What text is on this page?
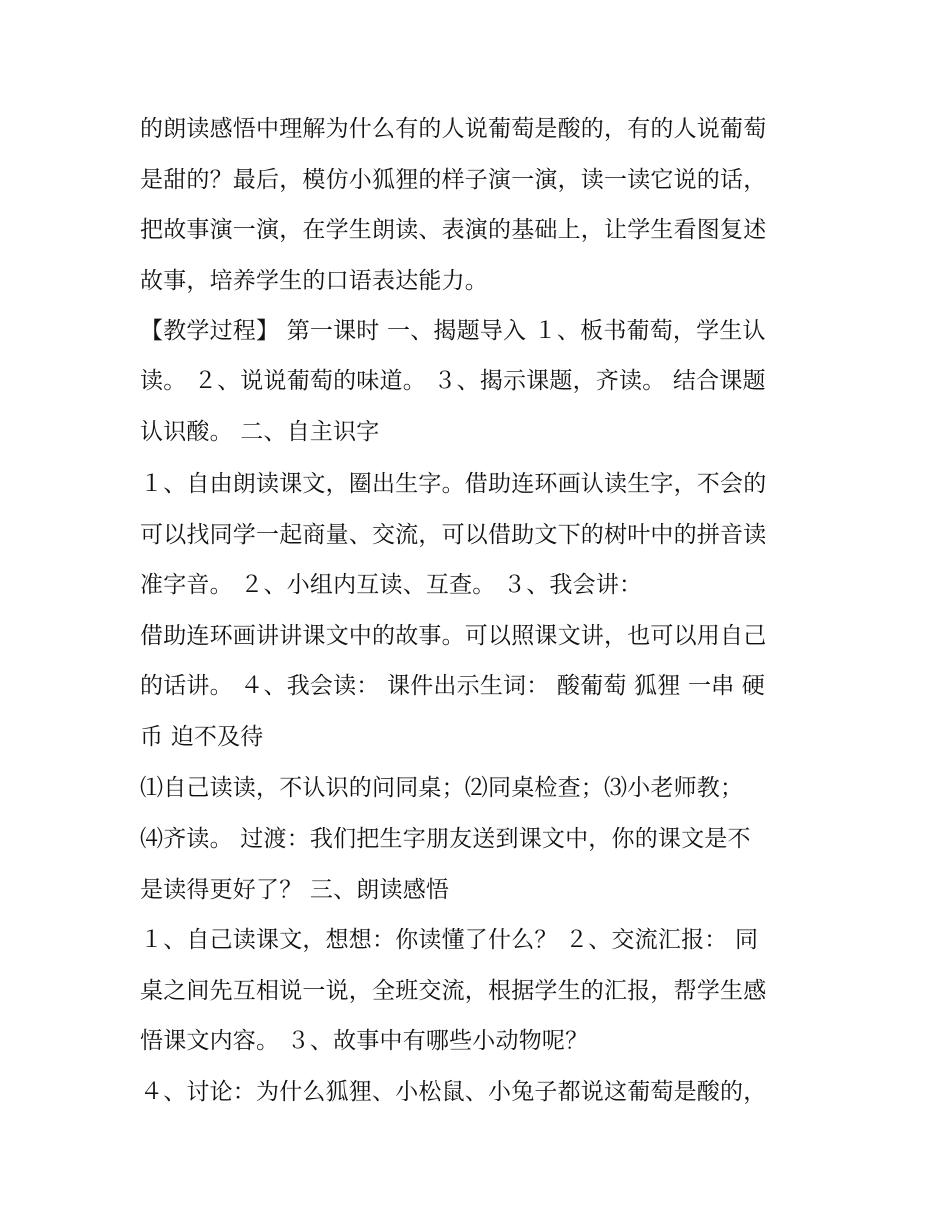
的朗读感悟中理解为什么有的人说葡萄是酸的，有的人说葡萄
是甜的？最后，模仿小狐狸的样子演一演，读一读它说的话，
把故事演一演，在学生朗读、表演的基础上，让学生看图复述
故事，培养学生的口语表达能力。
【教学过程】 第一课时 一、揭题导入 １、板书葡萄，学生认
读。 ２、说说葡萄的味道。 ３、揭示课题，齐读。 结合课题
认识酸。 二、自主识字
１、自由朗读课文，圈出生字。借助连环画认读生字，不会的
可以找同学一起商量、交流，可以借助文下的树叶中的拼音读
准字音。 ２、小组内互读、互查。 ３、我会讲：
借助连环画讲讲课文中的故事。可以照课文讲，也可以用自己
的话讲。 ４、我会读： 课件出示生词： 酸葡萄 狐狸 一串 硬
币 迫不及待
⑴自己读读，不认识的问同桌；⑵同桌检查；⑶小老师教；
⑷齐读。 过渡：我们把生字朋友送到课文中，你的课文是不
是读得更好了？ 三、朗读感悟
１、自己读课文，想想：你读懂了什么？ ２、交流汇报： 同
桌之间先互相说一说，全班交流，根据学生的汇报，帮学生感
悟课文内容。 ３、故事中有哪些小动物呢？
４、讨论：为什么狐狸、小松鼠、小兔子都说这葡萄是酸的，
